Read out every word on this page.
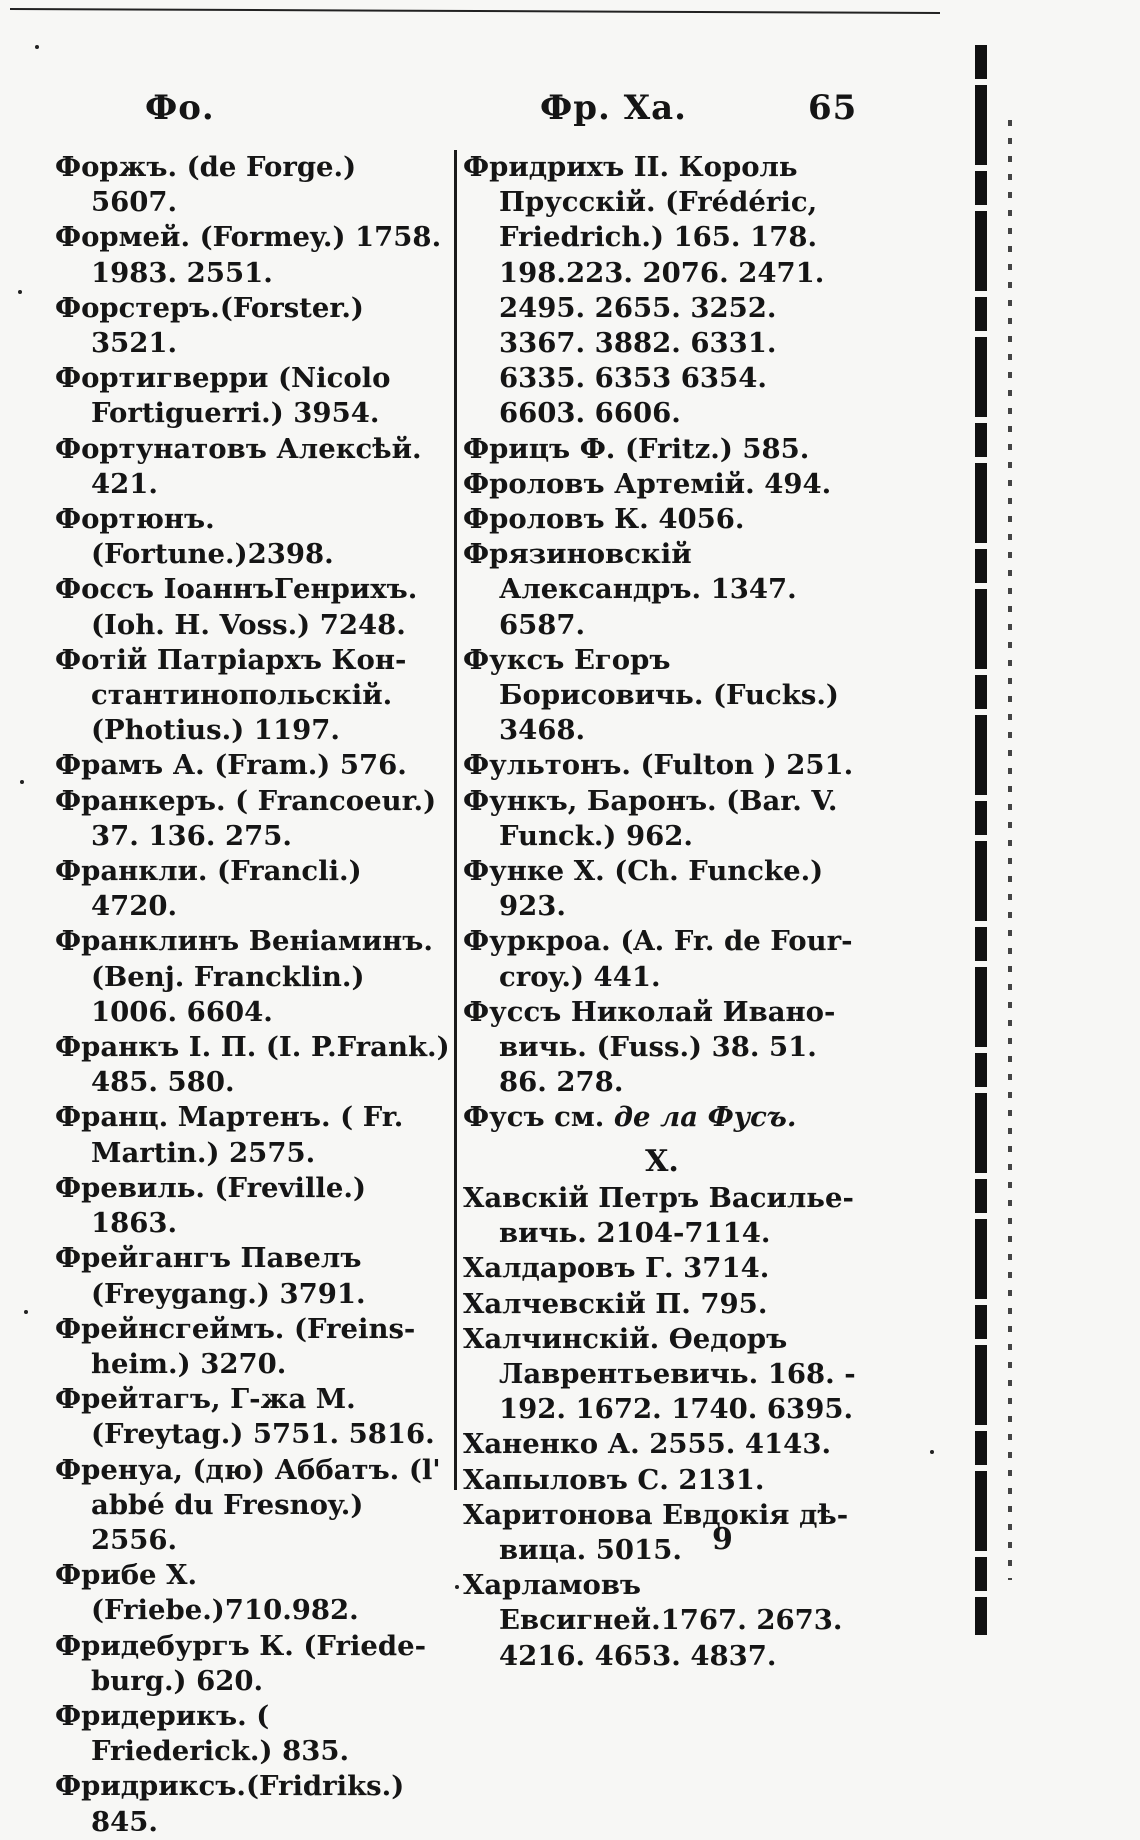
Фо.	Фр. Ха.	65

Форжъ. (de Forge.) 5607.

Формей. (Formey.) 1758. 1983. 2551.

Форстеръ.(Forster.) 3521.

Фортигверри (Nicolo Fortiguerri.) 3954.

Фортунатовъ Алексѣй. 421.

Фортюнъ.(Fortune.)2398.

Фоссъ ІоаннъГенрихъ.(Ioh. H. Voss.) 7248.

Фотій Патріархъ Константинопольскій. (Photius.) 1197.

Фрамъ А. (Fram.) 576.

Франкеръ. ( Francoeur.) 37. 136. 275.

Франкли. (Francli.) 4720.

Франклинъ Веніаминъ. (Benj. Francklin.) 1006. 6604.

Франкъ І. П. (I. P.Frank.) 485. 580.

Франц. Мартенъ. ( Fr. Martin.) 2575.

Фревиль. (Freville.) 1863.

Фрейгангъ Павелъ (Freygang.) 3791.

Фрейнсгеймъ. (Freinsheim.) 3270.

Фрейтагъ, Г-жа М. (Freytag.) 5751. 5816.

Френуа, (дю) Аббатъ. (l' abbé du Fresnoy.) 2556.

Фрибе X.(Friebe.)710.982.

Фридебургъ К. (Friedeburg.) 620.

Фридерикъ. ( Friederick.) 835.

Фридриксъ.(Fridriks.) 845.

Фридрихъ II. Король Прусскій. (Frédéric, Friedrich.) 165. 178. 198.223. 2076. 2471. 2495. 2655. 3252. 3367. 3882. 6331. 6335. 6353 6354. 6603. 6606.

Фрицъ Ф. (Fritz.) 585.

Фроловъ Артемій. 494.

Фроловъ К. 4056.

Фрязиновскій Александръ. 1347. 6587.

Фуксъ Егоръ Борисовичь. (Fucks.) 3468.

Фультонъ. (Fulton ) 251.

Функъ, Баронъ. (Bar. V. Funck.) 962.

Функе X. (Ch. Funcke.) 923.

Фуркроа. (A. Fr. de Fourcroy.) 441.

Фуссъ Николай Ивановичь. (Fuss.) 38. 51. 86. 278.

Фусъ см. де ла Фусъ.

X.

Хавскій Петръ Васильевичь. 2104-7114.

Халдаровъ Г. 3714.

Халчевскій П. 795.

Халчинскій. Ѳедоръ Лаврентьевичь. 168. - 192. 1672. 1740. 6395.

Ханенко А. 2555. 4143.

Хапыловъ С. 2131.

Харитонова Евдокія дѣвица. 5015.

Харламовъ Евсигней.1767. 2673. 4216. 4653. 4837.

9
